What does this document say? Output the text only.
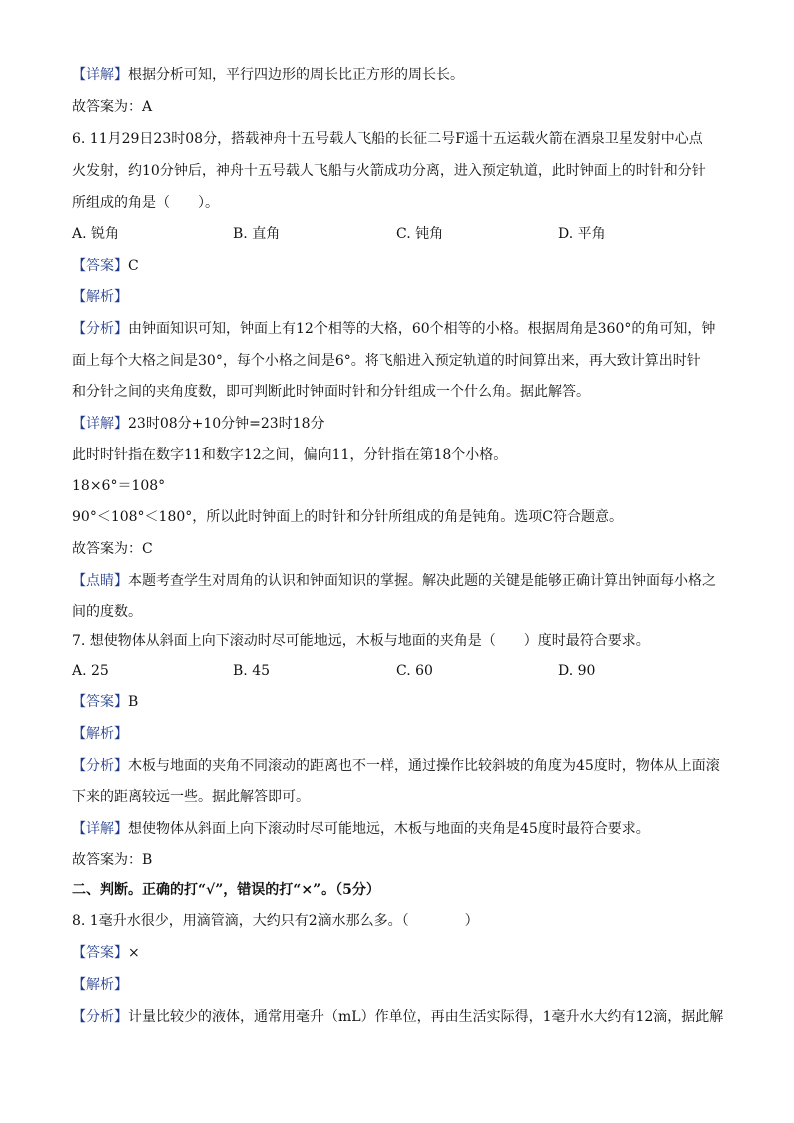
【详解】根据分析可知，平行四边形的周长比正方形的周长长。
故答案为：A
6. 11月29日23时08分，搭载神舟十五号载人飞船的长征二号F遥十五运载火箭在酒泉卫星发射中心点
火发射，约10分钟后，神舟十五号载人飞船与火箭成功分离，进入预定轨道，此时钟面上的时针和分针
所组成的角是（　　）。
A. 锐角	B. 直角	C. 钝角	D. 平角
【答案】C
【解析】
【分析】由钟面知识可知，钟面上有12个相等的大格，60个相等的小格。根据周角是360°的角可知，钟
面上每个大格之间是30°，每个小格之间是6°。将飞船进入预定轨道的时间算出来，再大致计算出时针
和分针之间的夹角度数，即可判断此时钟面时针和分针组成一个什么角。据此解答。
【详解】23时08分+10分钟=23时18分
此时时针指在数字11和数字12之间，偏向11，分针指在第18个小格。
18×6°＝108°
90°＜108°＜180°，所以此时钟面上的时针和分针所组成的角是钝角。选项C符合题意。
故答案为：C
【点睛】本题考查学生对周角的认识和钟面知识的掌握。解决此题的关键是能够正确计算出钟面每小格之
间的度数。
7. 想使物体从斜面上向下滚动时尽可能地远，木板与地面的夹角是（　　）度时最符合要求。
A. 25	B. 45	C. 60	D. 90
【答案】B
【解析】
【分析】木板与地面的夹角不同滚动的距离也不一样，通过操作比较斜坡的角度为45度时，物体从上面滚
下来的距离较远一些。据此解答即可。
【详解】想使物体从斜面上向下滚动时尽可能地远，木板与地面的夹角是45度时最符合要求。
故答案为：B
二、判断。正确的打“√”，错误的打“×”。（5分）
8. 1毫升水很少，用滴管滴，大约只有2滴水那么多。（　　　　）
【答案】×
【解析】
【分析】计量比较少的液体，通常用毫升（mL）作单位，再由生活实际得，1毫升水大约有12滴，据此解
